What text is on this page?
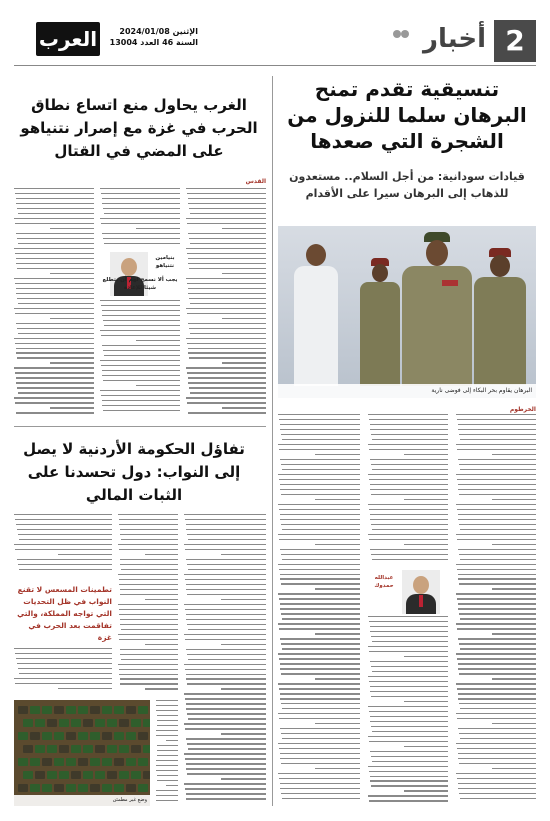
2
أخبار
العرب	الإثنين 2024/01/08
السنة 46 العدد 13004
تنسيقية تقدم تمنح البرهان سلما للنزول من الشجرة التي صعدها
قيادات سودانية: من أجل السلام.. مستعدون للذهاب إلى البرهان سيرا على الأقدام
البرهان يقاوم بحر البكاء إلى فوضى نارية
الغرب يحاول منع اتساع نطاق الحرب في غزة مع إصرار نتنياهو على المضي في القتال
القدس
بنيامين نتنياهو
يجب ألا نسمح لهم أن نتطلع شيئا للإعادة
الخرطوم
عبدالله حمدوك
تفاؤل الحكومة الأردنية لا يصل إلى النواب: دول تحسدنا على الثبات المالي
تطمينات المسعس لا تقنع النواب في ظل التحديات التي تواجه المملكة، والتي تفاقمت بعد الحرب في غزة
وضع غير مطمئن
